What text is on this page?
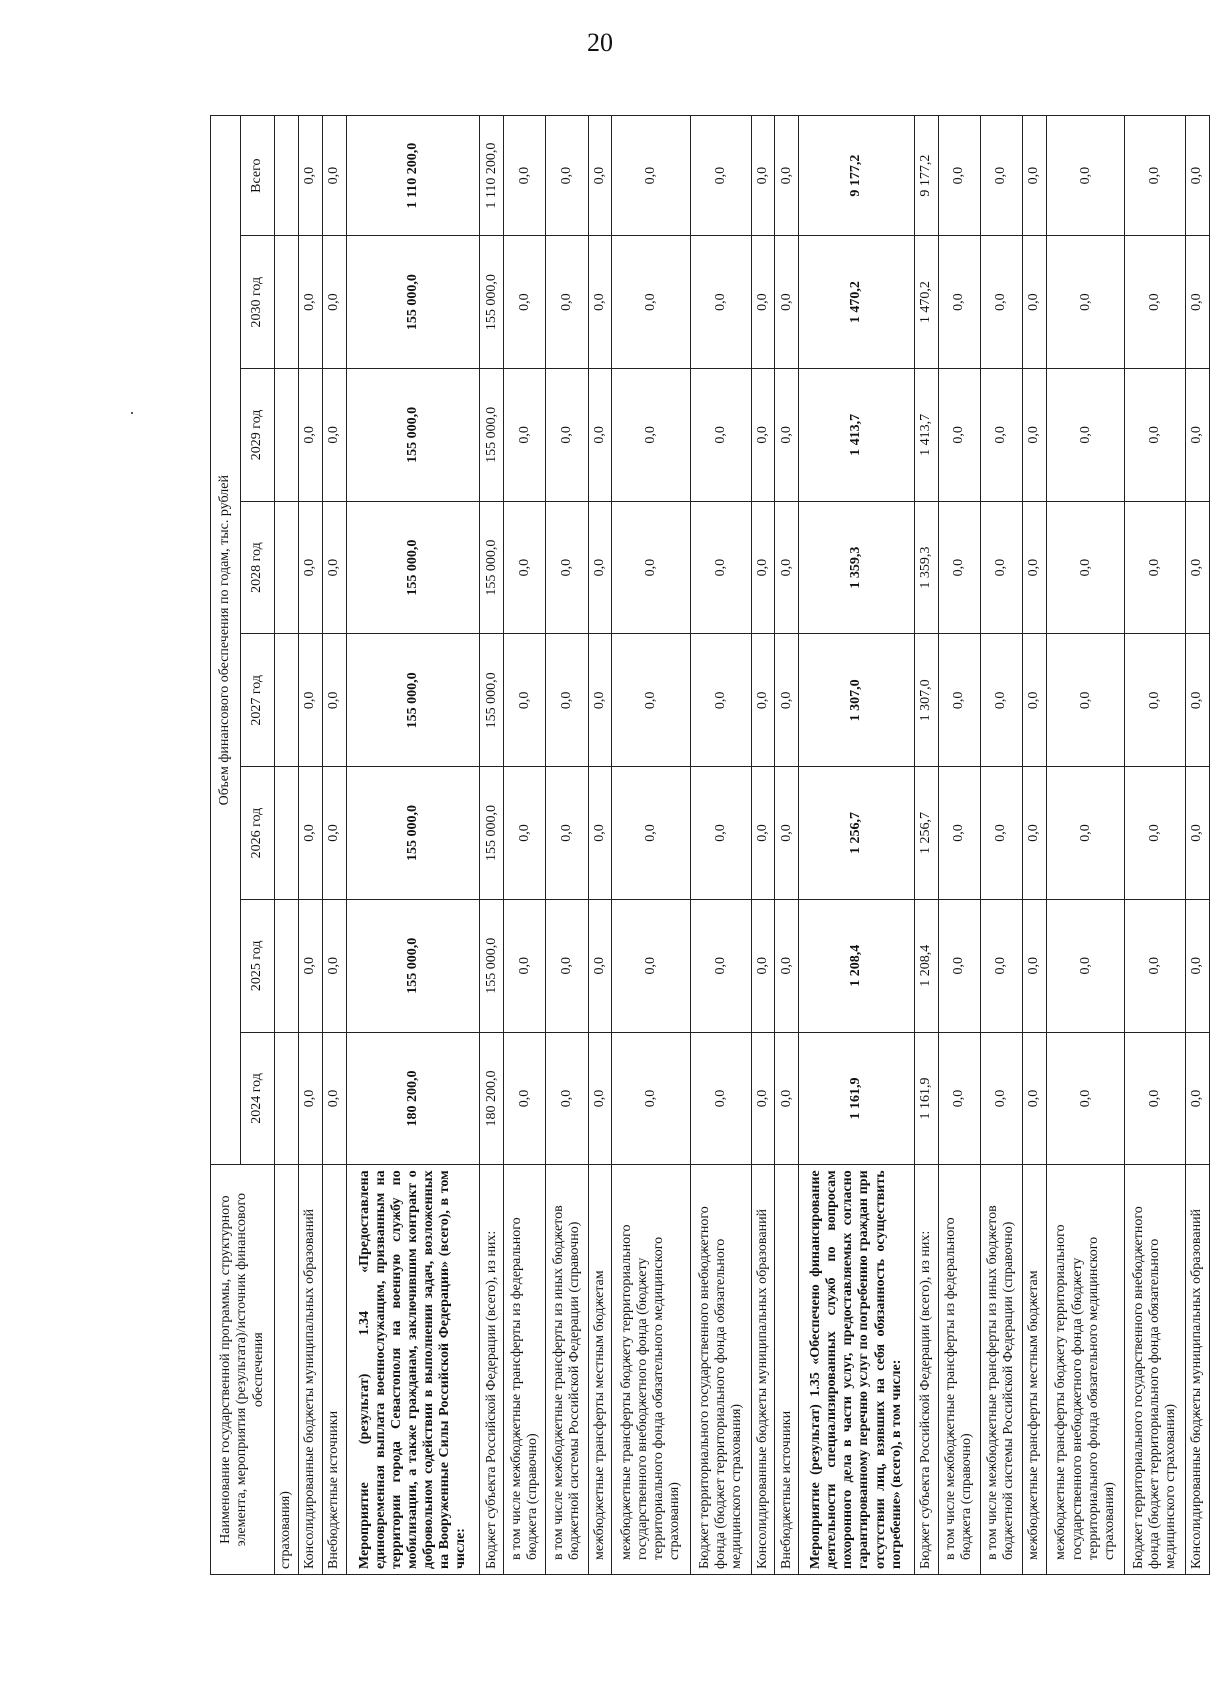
20
Наименование государственной программы, структурного элемента, мероприятия (результата)/источник финансового обеспечения	Объем финансового обеспечения по годам, тыс. рублей							
	2024 год	2025 год	2026 год	2027 год	2028 год	2029 год	2030 год	Всего
страхования)								
Консолидированные бюджеты муниципальных образований	0,0	0,0	0,0	0,0	0,0	0,0	0,0	0,0
Внебюджетные источники	0,0	0,0	0,0	0,0	0,0	0,0	0,0	0,0
Мероприятие (результат) 1.34 «Предоставлена единовременная выплата военнослужащим, призванным на территории города Севастополя на военную службу по мобилизации, а также гражданам, заключившим контракт о добровольном содействии в выполнении задач, возложенных на Вооруженные Силы Российской Федерации» (всего), в том числе:	180 200,0	155 000,0	155 000,0	155 000,0	155 000,0	155 000,0	155 000,0	1 110 200,0
Бюджет субъекта Российской Федерации (всего), из них:	180 200,0	155 000,0	155 000,0	155 000,0	155 000,0	155 000,0	155 000,0	1 110 200,0
в том числе межбюджетные трансферты из федерального бюджета (справочно)	0,0	0,0	0,0	0,0	0,0	0,0	0,0	0,0
в том числе межбюджетные трансферты из иных бюджетов бюджетной системы Российской Федерации (справочно)	0,0	0,0	0,0	0,0	0,0	0,0	0,0	0,0
межбюджетные трансферты местным бюджетам	0,0	0,0	0,0	0,0	0,0	0,0	0,0	0,0
межбюджетные трансферты бюджету территориального государственного внебюджетного фонда (бюджету территориального фонда обязательного медицинского страхования)	0,0	0,0	0,0	0,0	0,0	0,0	0,0	0,0
Бюджет территориального государственного внебюджетного фонда (бюджет территориального фонда обязательного медицинского страхования)	0,0	0,0	0,0	0,0	0,0	0,0	0,0	0,0
Консолидированные бюджеты муниципальных образований	0,0	0,0	0,0	0,0	0,0	0,0	0,0	0,0
Внебюджетные источники	0,0	0,0	0,0	0,0	0,0	0,0	0,0	0,0
Мероприятие (результат) 1.35 «Обеспечено финансирование деятельности специализированных служб по вопросам похоронного дела в части услуг, предоставляемых согласно гарантированному перечню услуг по погребению граждан при отсутствии лиц, взявших на себя обязанность осуществить погребение» (всего), в том числе:	1 161,9	1 208,4	1 256,7	1 307,0	1 359,3	1 413,7	1 470,2	9 177,2
Бюджет субъекта Российской Федерации (всего), из них:	1 161,9	1 208,4	1 256,7	1 307,0	1 359,3	1 413,7	1 470,2	9 177,2
в том числе межбюджетные трансферты из федерального бюджета (справочно)	0,0	0,0	0,0	0,0	0,0	0,0	0,0	0,0
в том числе межбюджетные трансферты из иных бюджетов бюджетной системы Российской Федерации (справочно)	0,0	0,0	0,0	0,0	0,0	0,0	0,0	0,0
межбюджетные трансферты местным бюджетам	0,0	0,0	0,0	0,0	0,0	0,0	0,0	0,0
межбюджетные трансферты бюджету территориального государственного внебюджетного фонда (бюджету территориального фонда обязательного медицинского страхования)	0,0	0,0	0,0	0,0	0,0	0,0	0,0	0,0
Бюджет территориального государственного внебюджетного фонда (бюджет территориального фонда обязательного медицинского страхования)	0,0	0,0	0,0	0,0	0,0	0,0	0,0	0,0
Консолидированные бюджеты муниципальных образований	0,0	0,0	0,0	0,0	0,0	0,0	0,0	0,0
